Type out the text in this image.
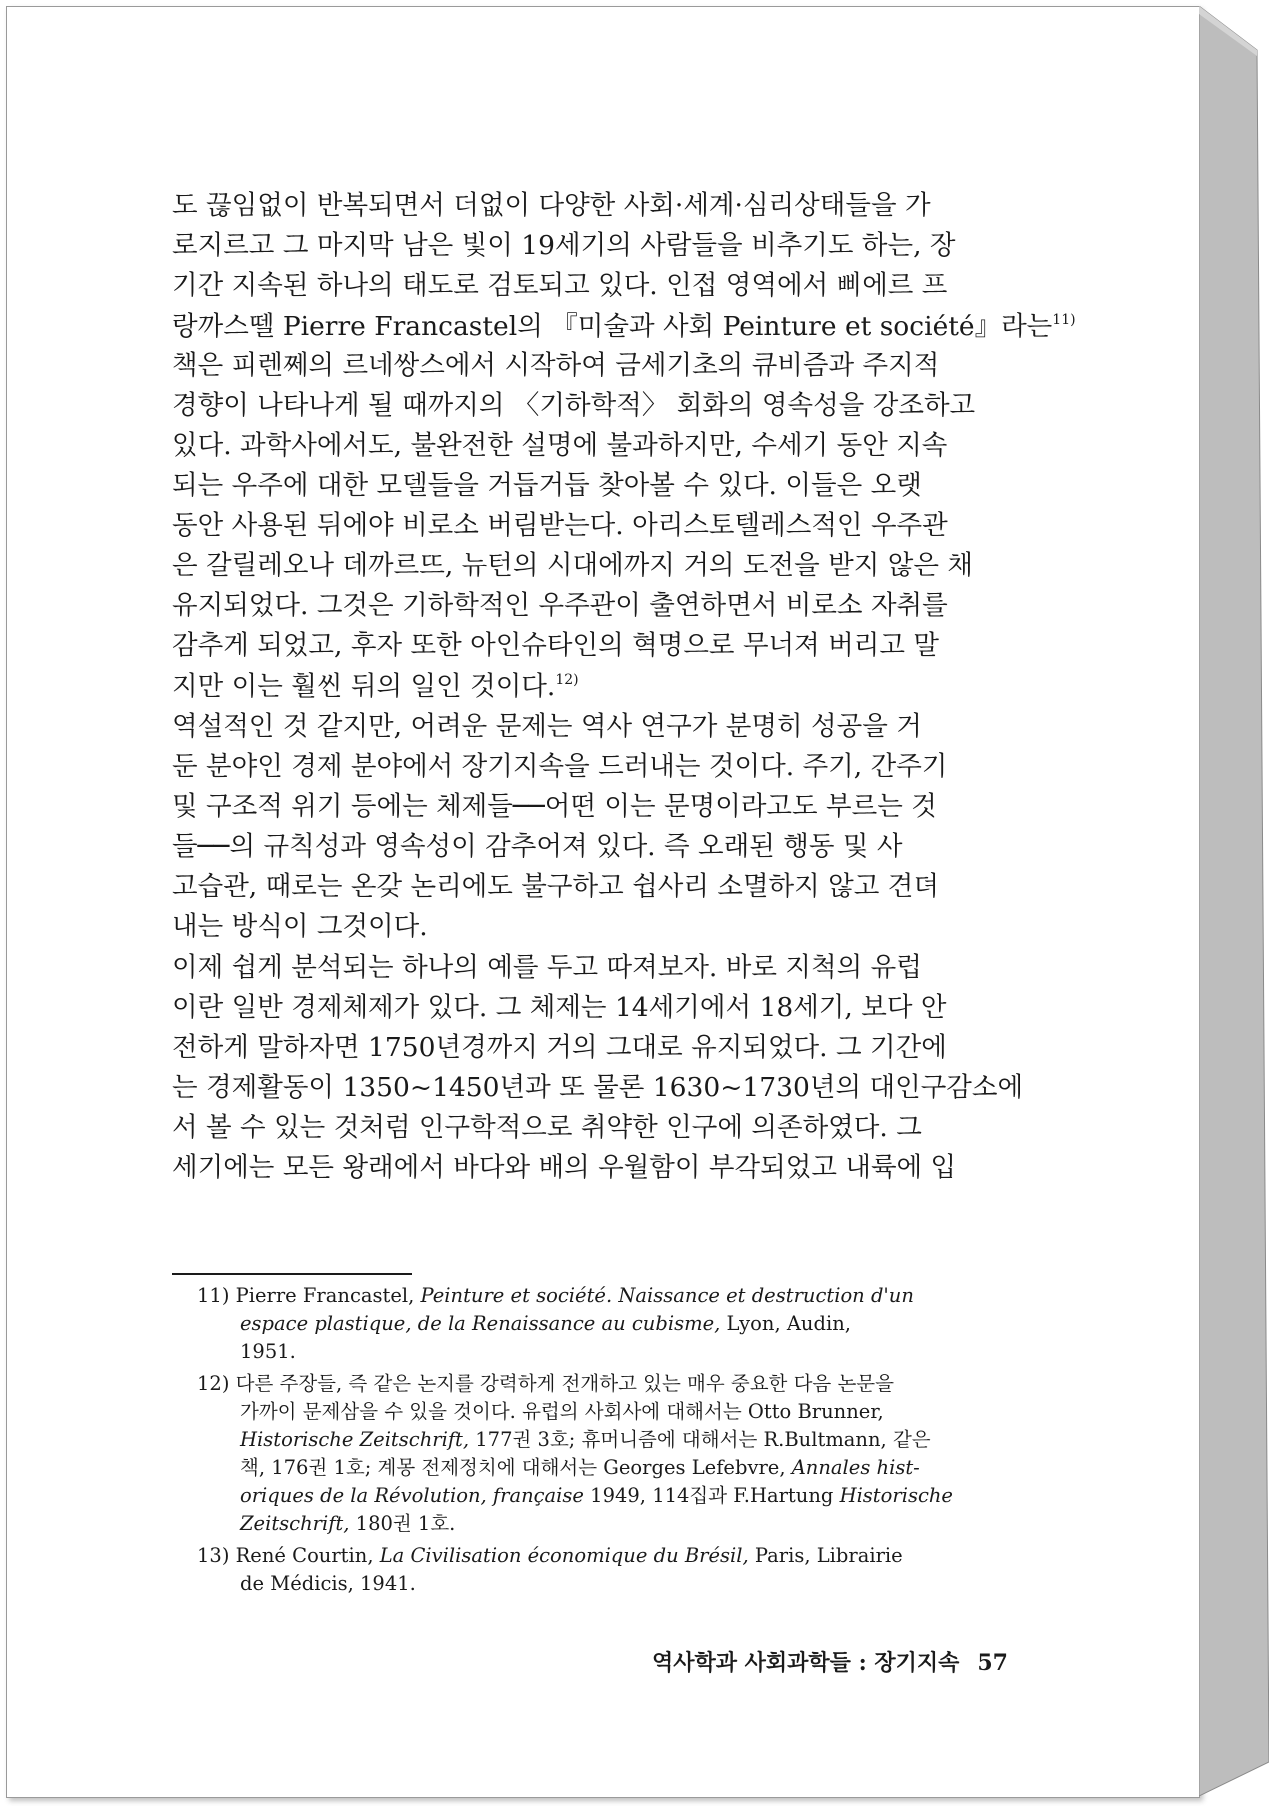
도 끊임없이 반복되면서 더없이 다양한 사회·세계·심리상태들을 가
로지르고 그 마지막 남은 빛이 19세기의 사람들을 비추기도 하는, 장
기간 지속된 하나의 태도로 검토되고 있다. 인접 영역에서 삐에르 프
랑까스뗄 Pierre Francastel의 『미술과 사회 Peinture et société』라는$^{11)}$
책은 피렌쩨의 르네쌍스에서 시작하여 금세기초의 큐비즘과 주지적
경향이 나타나게 될 때까지의 〈기하학적〉 회화의 영속성을 강조하고
있다. 과학사에서도, 불완전한 설명에 불과하지만, 수세기 동안 지속
되는 우주에 대한 모델들을 거듭거듭 찾아볼 수 있다. 이들은 오랫
동안 사용된 뒤에야 비로소 버림받는다. 아리스토텔레스적인 우주관
은 갈릴레오나 데까르뜨, 뉴턴의 시대에까지 거의 도전을 받지 않은 채
유지되었다. 그것은 기하학적인 우주관이 출연하면서 비로소 자취를
감추게 되었고, 후자 또한 아인슈타인의 혁명으로 무너져 버리고 말
지만 이는 훨씬 뒤의 일인 것이다.$^{12)}$
역설적인 것 같지만, 어려운 문제는 역사 연구가 분명히 성공을 거
둔 분야인 경제 분야에서 장기지속을 드러내는 것이다. 주기, 간주기
및 구조적 위기 등에는 체제들──어떤 이는 문명이라고도 부르는 것
들──의 규칙성과 영속성이 감추어져 있다. 즉 오래된 행동 및 사
고습관, 때로는 온갖 논리에도 불구하고 쉽사리 소멸하지 않고 견뎌
내는 방식이 그것이다.
이제 쉽게 분석되는 하나의 예를 두고 따져보자. 바로 지척의 유럽
이란 일반 경제체제가 있다. 그 체제는 14세기에서 18세기, 보다 안
전하게 말하자면 1750년경까지 거의 그대로 유지되었다. 그 기간에
는 경제활동이 1350~1450년과 또 물론 1630~1730년의 대인구감소에
서 볼 수 있는 것처럼 인구학적으로 취약한 인구에 의존하였다. 그
세기에는 모든 왕래에서 바다와 배의 우월함이 부각되었고 내륙에 입
11) Pierre Francastel, Peinture et société. Naissance et destruction d'un
espace plastique, de la Renaissance au cubisme, Lyon, Audin,
1951.
12) 다른 주장들, 즉 같은 논지를 강력하게 전개하고 있는 매우 중요한 다음 논문을
가까이 문제삼을 수 있을 것이다. 유럽의 사회사에 대해서는 Otto Brunner,
Historische Zeitschrift, 177권 3호; 휴머니즘에 대해서는 R.Bultmann, 같은
책, 176권 1호; 계몽 전제정치에 대해서는 Georges Lefebvre, Annales hist-
oriques de la Révolution, française 1949, 114집과 F.Hartung Historische
Zeitschrift, 180권 1호.
13) René Courtin, La Civilisation économique du Brésil, Paris, Librairie
de Médicis, 1941.
역사학과 사회과학들 : 장기지속 57
